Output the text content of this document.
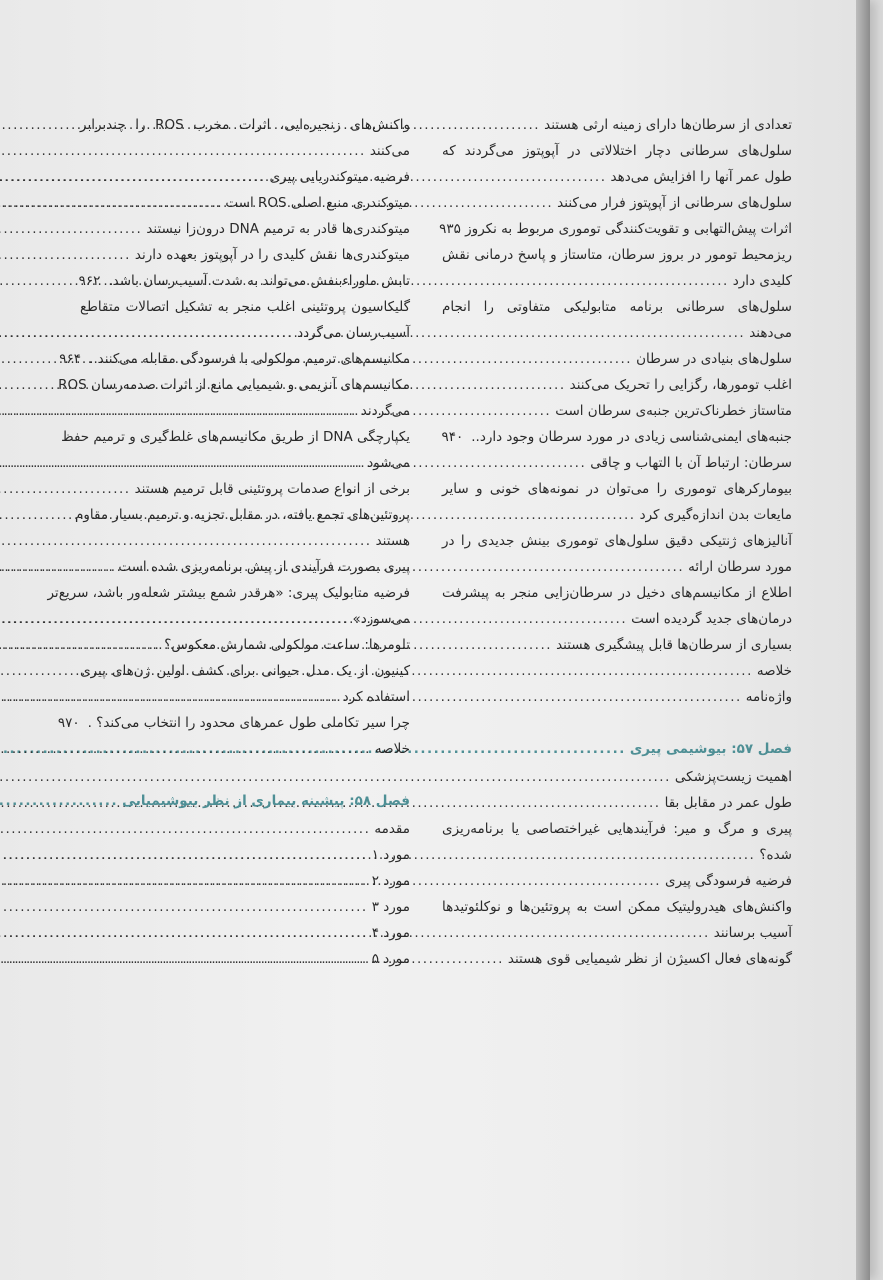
تعدادی از سرطان‌ها دارای زمینه ارثی هستند
.....
سلول‌های سرطانی دچار اختلالاتی در آپوپتوز می‌گردند که
طول عمر آنها را افزایش می‌دهد
.....
سلول‌های سرطانی از آپوپتوز فرار می‌کنند
.....
اثرات پیش‌التهابی و تقویت‌کنندگی توموری مربوط به نکروز ۹۳۵
ریزمحیط تومور در بروز سرطان، متاستاز و پاسخ درمانی نقش
کلیدی دارد
.....
سلول‌های سرطانی برنامه متابولیکی متفاوتی را انجام
می‌دهند
.....
سلول‌های بنیادی در سرطان
.....
اغلب تومورها، رگزایی را تحریک می‌کنند
.....
متاستاز خطرناک‌ترین جنبه‌ی سرطان است
.....
جنبه‌های ایمنی‌شناسی زیادی در مورد سرطان وجود دارد..
۹۴۰
سرطان: ارتباط آن با التهاب و چاقی
.....
بیومارکرهای توموری را می‌توان در نمونه‌های خونی و سایر
مایعات بدن اندازه‌گیری کرد
.....
آنالیزهای ژنتیکی دقیق سلول‌های توموری بینش جدیدی را در
مورد سرطان ارائه
.....
اطلاع از مکانیسم‌های دخیل در سرطان‌زایی منجر به پیشرفت
درمان‌های جدید گردیده است
.....
بسیاری از سرطان‌ها قابل پیشگیری هستند
.....
خلاصه
.....
واژه‌نامه
.....
فصل ۵۷: بیوشیمی پیری
.....
اهمیت زیست‌پزشکی
.....
طول عمر در مقابل بقا
.....
پیری و مرگ و میر: فرآیندهایی غیراختصاصی یا برنامه‌ریزی
شده؟
.....
فرضیه فرسودگی پیری
.....
واکنش‌های هیدرولیتیک ممکن است به پروتئین‌ها و نوکلئوتیدها
آسیب برسانند
.....
گونه‌های فعال اکسیژن از نظر شیمیایی قوی هستند
.....
واکنش‌های زنجیره‌ایی، اثرات مخرب ROS را چندبرابر
می‌کنند
.....
فرضیه میتوکندریایی پیری
.....
میتوکندری منبع اصلی ROS است
.....
میتوکندری‌ها قادر به ترمیم DNA درون‌زا نیستند
.....
میتوکندری‌ها نقش کلیدی را در آپوپتوز بعهده دارند
.....
تابش ماوراءبنفش می‌تواند به شدت آسیب‌رسان باشد.
۹۶۲
گلیکاسیون پروتئینی اغلب منجر به تشکیل اتصالات متقاطع
آسیب‌رسان می‌گردد
.....
مکانیسم‌های ترمیم مولکولی با فرسودگی مقابله می‌کنند .
۹۶۴
مکانیسم‌های آنزیمی و شیمیایی مانع از اثرات صدمه‌رسان ROS
می‌گردند
.....
یکپارچگی DNA از طریق مکانیسم‌های غلط‌گیری و ترمیم حفظ
می‌شود
.....
برخی از انواع صدمات پروتئینی قابل ترمیم هستند
.....
پروتئین‌های تجمع یافته، در مقابل تجزیه و ترمیم بسیار مقاوم
هستند
.....
پیری بصورت فرآیندی از پیش برنامه‌ریزی شده است
.....
فرضیه متابولیک پیری: «هرقدر شمع بیشتر شعله‌ور باشد، سریع‌تر
می‌سوزد»
.....
تلومرها: ساعت مولکولی شمارش معکوس؟
.....
کینیون از یک مدل حیوانی برای کشف اولین ژن‌های پیری
استفاده کرد
.....
چرا سیر تکاملی طول عمرهای محدود را انتخاب می‌کند؟ .
۹۷۰
خلاصه
.....
فصل ۵۸: پیشینه بیماری از نظر بیوشیمیایی
.....
مقدمه
.....
مورد ۱
.....
مورد ۲
.....
مورد ۳
.....
مورد ۴
.....
مورد ۵
.....
